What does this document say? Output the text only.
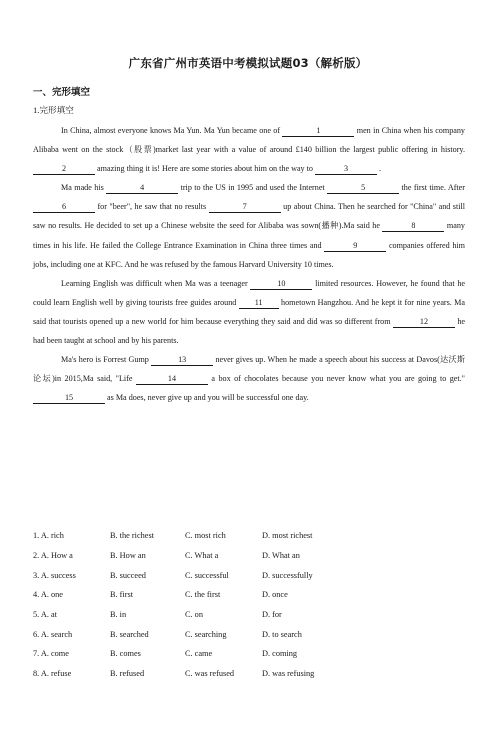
广东省广州市英语中考模拟试题03（解析版）
一、完形填空
1.完形填空

In China, almost everyone knows Ma Yun. Ma Yun became one of	1	men in China when his company Alibaba went on the stock（股票)market last year with a value of around £140 billion the largest public offering in history. 2	amazing thing it is! Here are some stories about him on the way to	3	.

Ma made his	4	trip to the US in 1995 and used the Internet	5	the first time. After 6	for "beer", he saw that no results	7	up about China. Then he searched for "China" and still saw no results. He decided to set up a Chinese website the seed for Alibaba was sown(播种).Ma said he	8	many times in his life. He failed the College Entrance Examination in China three times and	9	companies offered him jobs, including one at KFC. And he was refused by the famous Harvard University 10 times.

Learning English was difficult when Ma was a teenager	10	limited resources. However, he found that he could learn English well by giving tourists free guides around 11 hometown Hangzhou. And he kept it for nine years. Ma said that tourists opened up a new world for him because everything they said and did was so different from	12	he had been taught at school and by his parents.

Ma's hero is Forrest Gump	13	never gives up. When he made a speech about his success at Davos(达沃斯论坛)in 2015,Ma said, "Life	14	a box of chocolates because you never know what you are going to get." 15	as Ma does, never give up and you will be successful one day.

1. A. rich	B. the richest	C. most rich	D. most richest
2. A. How a	B. How an	C. What a	D. What an
3. A. success	B. succeed	C. successful	D. successfully
4. A. one	B. first	C. the first	D. once
5. A. at	B. in	C. on	D. for
6. A. search	B. searched	C. searching	D. to search
7. A. come	B. comes	C. came	D. coming
8. A. refuse	B. refused	C. was refused	D. was refusing
